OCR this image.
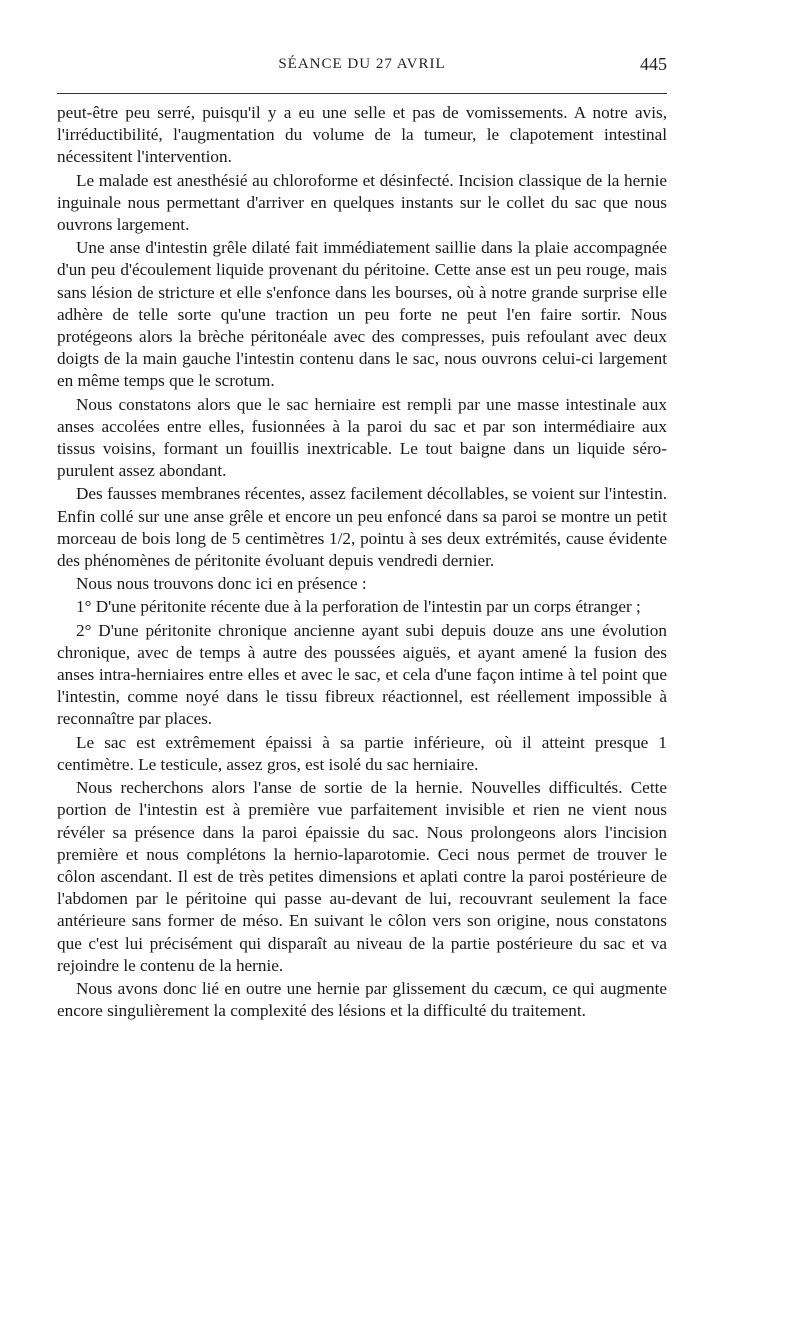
SÉANCE DU 27 AVRIL	445

peut-être peu serré, puisqu'il y a eu une selle et pas de vomissements. A notre avis, l'irréductibilité, l'augmentation du volume de la tumeur, le clapotement intestinal nécessitent l'intervention.

Le malade est anesthésié au chloroforme et désinfecté. Incision classique de la hernie inguinale nous permettant d'arriver en quelques instants sur le collet du sac que nous ouvrons largement.

Une anse d'intestin grêle dilaté fait immédiatement saillie dans la plaie accompagnée d'un peu d'écoulement liquide provenant du péritoine. Cette anse est un peu rouge, mais sans lésion de stricture et elle s'enfonce dans les bourses, où à notre grande surprise elle adhère de telle sorte qu'une traction un peu forte ne peut l'en faire sortir. Nous protégeons alors la brèche péritonéale avec des compresses, puis refoulant avec deux doigts de la main gauche l'intestin contenu dans le sac, nous ouvrons celui-ci largement en même temps que le scrotum.

Nous constatons alors que le sac herniaire est rempli par une masse intestinale aux anses accolées entre elles, fusionnées à la paroi du sac et par son intermédiaire aux tissus voisins, formant un fouillis inextricable. Le tout baigne dans un liquide séro-purulent assez abondant.

Des fausses membranes récentes, assez facilement décollables, se voient sur l'intestin. Enfin collé sur une anse grêle et encore un peu enfoncé dans sa paroi se montre un petit morceau de bois long de 5 centimètres 1/2, pointu à ses deux extrémités, cause évidente des phénomènes de péritonite évoluant depuis vendredi dernier.

Nous nous trouvons donc ici en présence :

1° D'une péritonite récente due à la perforation de l'intestin par un corps étranger ;

2° D'une péritonite chronique ancienne ayant subi depuis douze ans une évolution chronique, avec de temps à autre des poussées aiguës, et ayant amené la fusion des anses intra-herniaires entre elles et avec le sac, et cela d'une façon intime à tel point que l'intestin, comme noyé dans le tissu fibreux réactionnel, est réellement impossible à reconnaître par places.

Le sac est extrêmement épaissi à sa partie inférieure, où il atteint presque 1 centimètre. Le testicule, assez gros, est isolé du sac herniaire.

Nous recherchons alors l'anse de sortie de la hernie. Nouvelles difficultés. Cette portion de l'intestin est à première vue parfaitement invisible et rien ne vient nous révéler sa présence dans la paroi épaissie du sac. Nous prolongeons alors l'incision première et nous complétons la hernio-laparotomie. Ceci nous permet de trouver le côlon ascendant. Il est de très petites dimensions et aplati contre la paroi postérieure de l'abdomen par le péritoine qui passe au-devant de lui, recouvrant seulement la face antérieure sans former de méso. En suivant le côlon vers son origine, nous constatons que c'est lui précisément qui disparaît au niveau de la partie postérieure du sac et va rejoindre le contenu de la hernie.

Nous avons donc lié en outre une hernie par glissement du cæcum, ce qui augmente encore singulièrement la complexité des lésions et la difficulté du traitement.
